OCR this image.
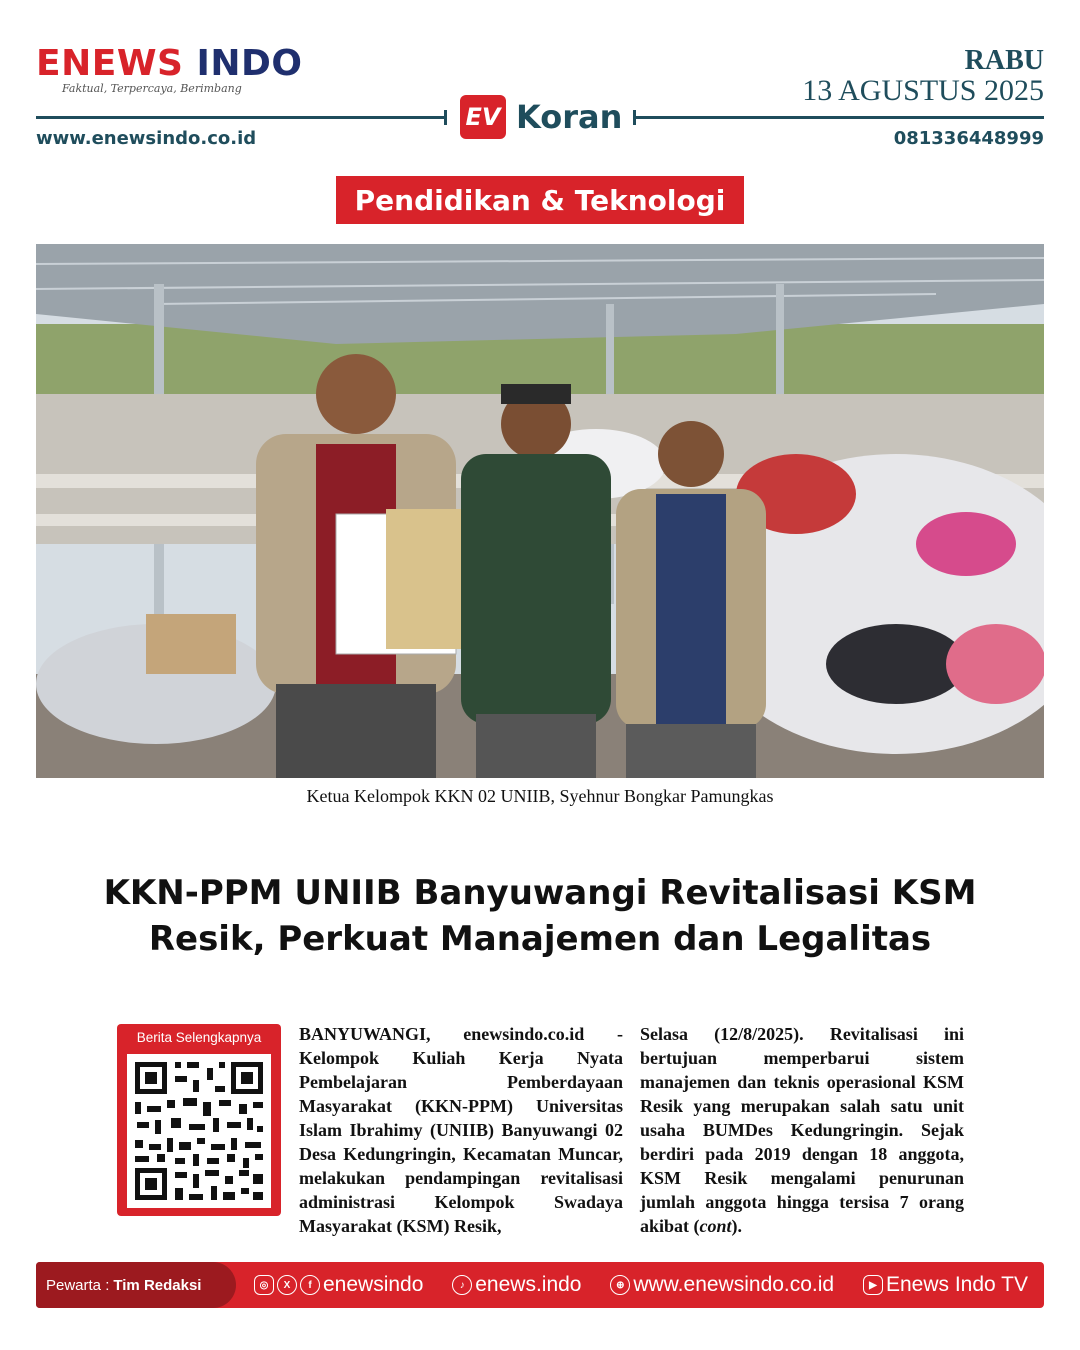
ENEWS INDO
Faktual, Terpercaya, Berimbang
RABU
13 AGUSTUS 2025
EV Koran
www.enewsindo.co.id	081336448999
Pendidikan & Teknologi
Ketua Kelompok KKN 02 UNIIB, Syehnur Bongkar Pamungkas
KKN-PPM UNIIB Banyuwangi Revitalisasi KSM Resik, Perkuat Manajemen dan Legalitas
Berita Selengkapnya	BANYUWANGI, enewsindo.co.id - Kelompok Kuliah Kerja Nyata Pembelajaran Pemberdayaan Masyarakat (KKN-PPM) Universitas Islam Ibrahimy (UNIIB) Banyuwangi 02 Desa Kedungringin, Kecamatan Muncar, melakukan pendampingan revitalisasi administrasi Kelompok Swadaya Masyarakat (KSM) Resik,
Selasa (12/8/2025). Revitalisasi ini bertujuan memperbarui sistem manajemen dan teknis operasional KSM Resik yang merupakan salah satu unit usaha BUMDes Kedungringin. Sejak berdiri pada 2019 dengan 18 anggota, KSM Resik mengalami penurunan jumlah anggota hingga tersisa 7 orang akibat (cont).
Pewarta : Tim Redaksi	◎	X	f enewsindo	♪ enews.indo	⊕ www.enewsindo.co.id	▶ Enews Indo TV
